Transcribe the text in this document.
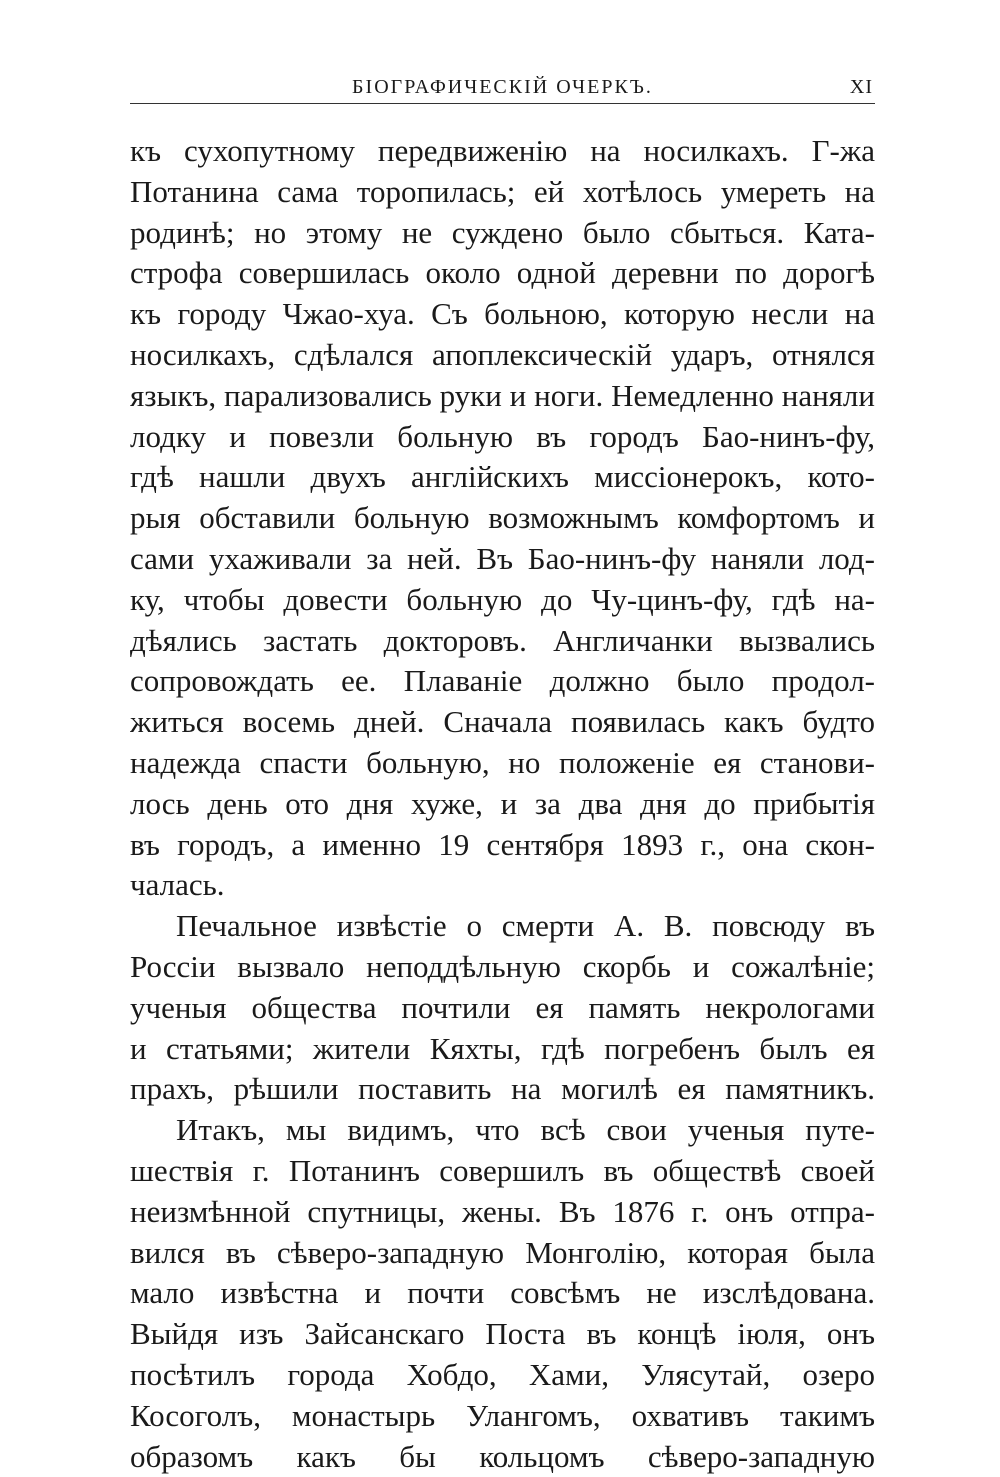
БIОГРАФИЧЕСКIЙ ОЧЕРКЪ.	XI
къ сухопутному передвиженiю на носилкахъ. Г-жа
Потанина сама торопилась; ей хотѣлось умереть на
родинѣ; но этому не суждено было сбыться. Ката-
строфа совершилась около одной деревни по дорогѣ
къ городу Чжао-хуа. Съ больною, которую несли на
носилкахъ, сдѣлался апоплексическiй ударъ, отнялся
языкъ, парализовались руки и ноги. Немедленно наняли
лодку и повезли больную въ городъ Бао-нинъ-фу,
гдѣ нашли двухъ англiйскихъ миссiонерокъ, кото-
рыя обставили больную возможнымъ комфортомъ и
сами ухаживали за ней. Въ Бао-нинъ-фу наняли лод-
ку, чтобы довести больную до Чу-цинъ-фу, гдѣ на-
дѣялись застать докторовъ. Англичанки вызвались
сопровождать ее. Плаванiе должно было продол-
житься восемь дней. Сначала появилась какъ будто
надежда спасти больную, но положенiе ея станови-
лось день ото дня хуже, и за два дня до прибытiя
въ городъ, а именно 19 сентября 1893 г., она скон-
чалась.
Печальное извѣстiе о смерти А. В. повсюду въ
Россiи вызвало неподдѣльную скорбь и сожалѣнiе;
ученыя общества почтили ея память некрологами
и статьями; жители Кяхты, гдѣ погребенъ былъ ея
прахъ, рѣшили поставить на могилѣ ея памятникъ.
Итакъ, мы видимъ, что всѣ свои ученыя путе-
шествiя г. Потанинъ совершилъ въ обществѣ своей
неизмѣнной спутницы, жены. Въ 1876 г. онъ отпра-
вился въ сѣверо-западную Монголiю, которая была
мало извѣстна и почти совсѣмъ не изслѣдована.
Выйдя изъ Зайсанскаго Поста въ концѣ iюля, онъ
посѣтилъ города Хобдо, Хами, Улясутай, озеро
Косоголъ, монастырь Улангомъ, охвативъ такимъ
образомъ какъ бы кольцомъ сѣверо-западную
